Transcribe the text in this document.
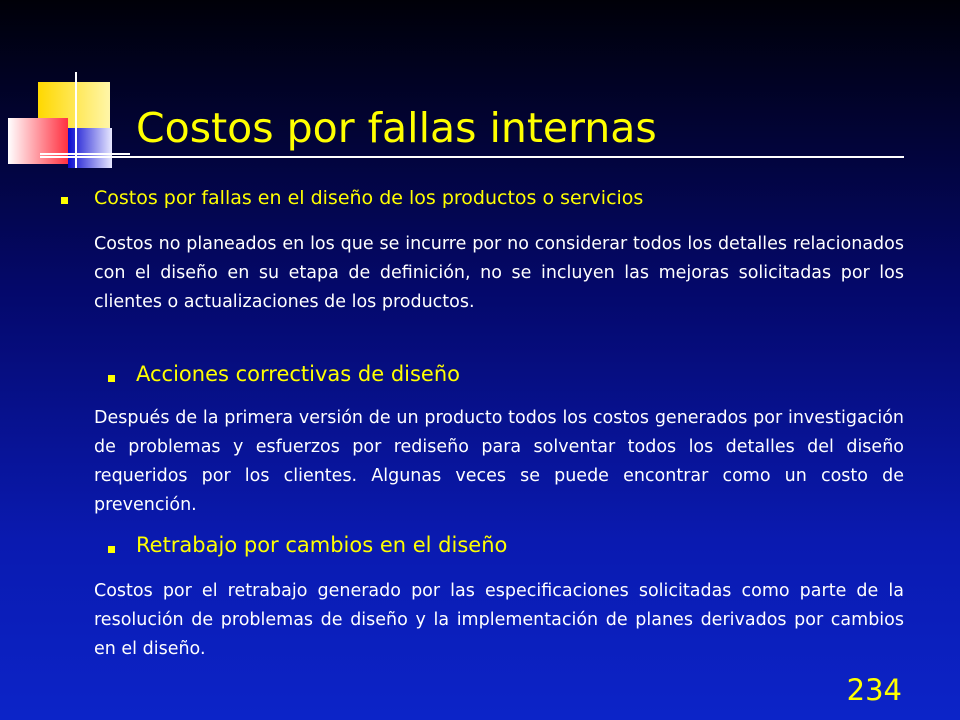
Costos por fallas internas
Costos por fallas en el diseño de los productos o servicios

Costos no planeados en los que se incurre por no considerar todos los detalles relacionados con el diseño en su etapa de definición, no se incluyen las mejoras solicitadas por los clientes o actualizaciones de los productos.

Acciones correctivas de diseño

Después de la primera versión de un producto todos los costos generados por investigación de problemas y esfuerzos por rediseño para solventar todos los detalles del diseño requeridos por los clientes. Algunas veces se puede encontrar como un costo de prevención.

Retrabajo por cambios en el diseño

Costos por el retrabajo generado por las especificaciones solicitadas como parte de la resolución de problemas de diseño y la implementación de planes derivados por cambios en el diseño.

234
